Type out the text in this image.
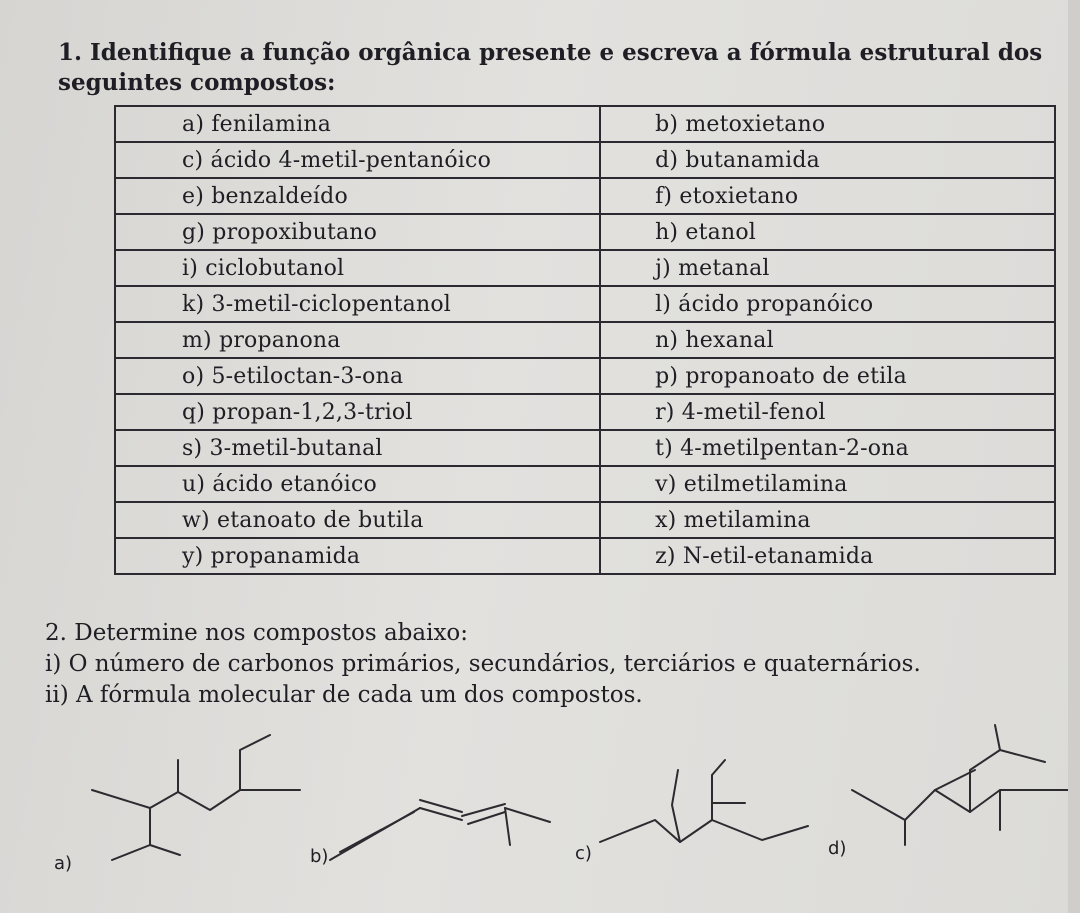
1. Identifique a função orgânica presente e escreva a fórmula estrutural dos
seguintes compostos:
a) fenilamina	b) metoxietano
c) ácido 4-metil-pentanóico	d) butanamida
e) benzaldeído	f) etoxietano
g) propoxibutano	h) etanol
i) ciclobutanol	j) metanal
k) 3-metil-ciclopentanol	l) ácido propanóico
m) propanona	n) hexanal
o) 5-etiloctan-3-ona	p) propanoato de etila
q) propan-1,2,3-triol	r) 4-metil-fenol
s) 3-metil-butanal	t) 4-metilpentan-2-ona
u) ácido etanóico	v) etilmetilamina
w) etanoato de butila	x) metilamina
y) propanamida	z) N-etil-etanamida
2. Determine nos compostos abaixo:
i) O número de carbonos primários, secundários, terciários e quaternários.
ii) A fórmula molecular de cada um dos compostos.
a)	b)	c)	d)
